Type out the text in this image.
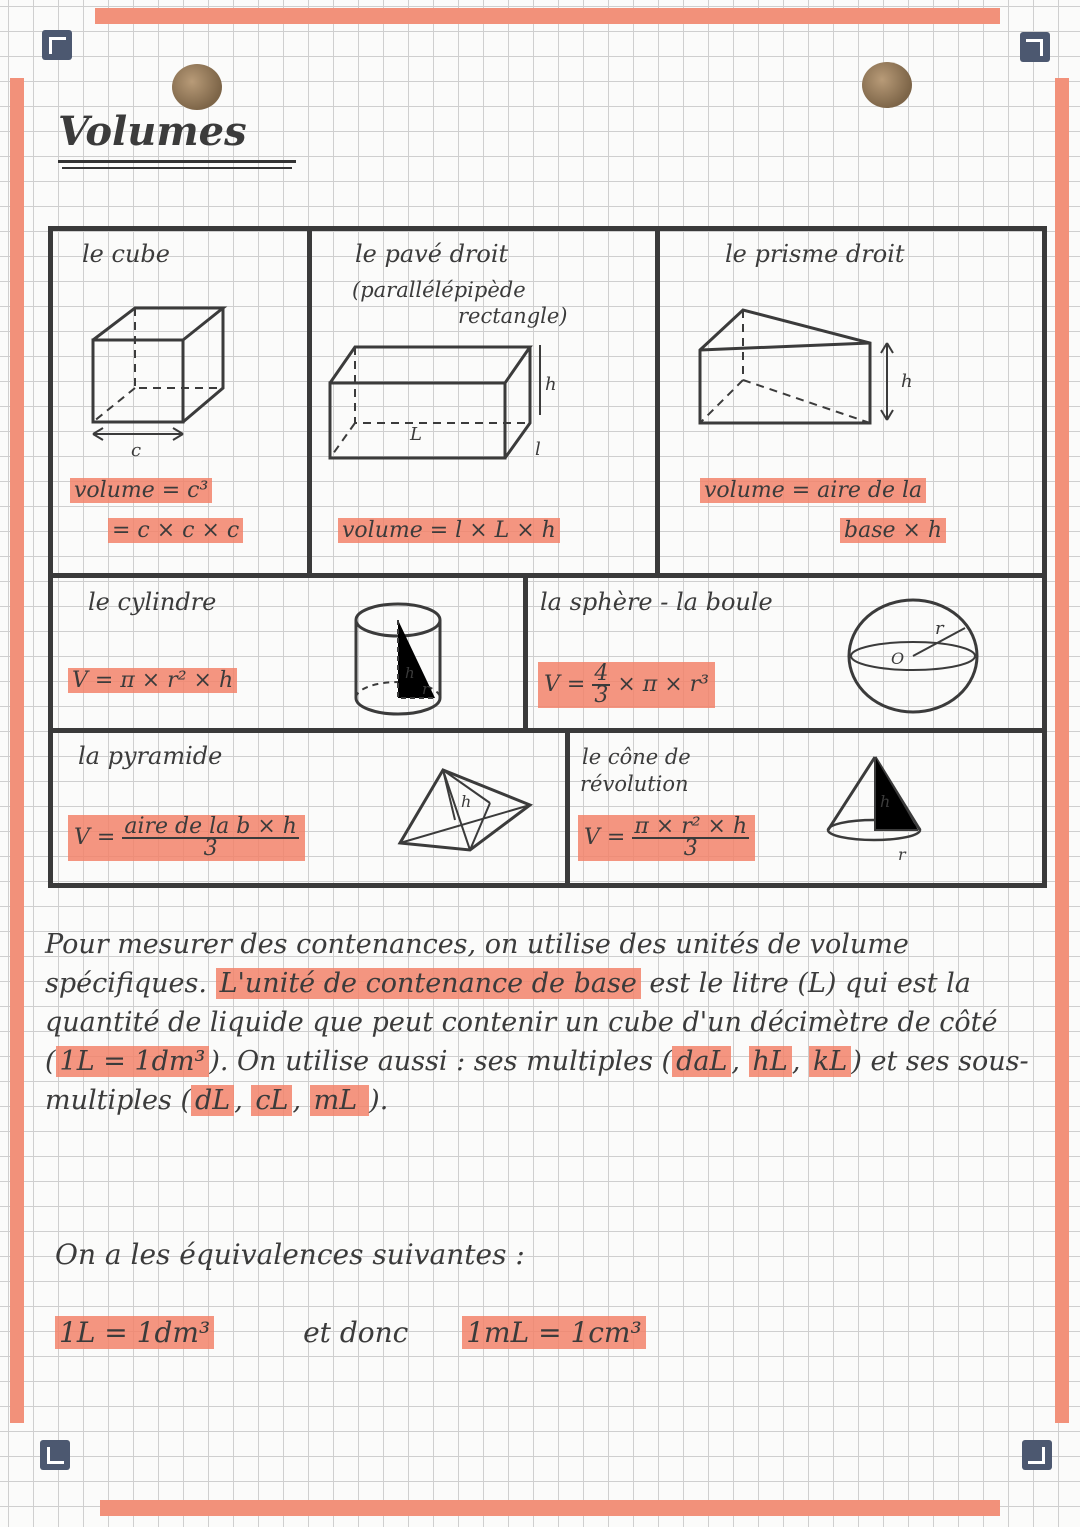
Volumes
le cube
c
volume = c³
= c × c × c
le pavé droit
(parallélépipède
rectangle)
h
L
l
volume = l × L × h
le prisme droit
h
volume = aire de la
base × h
le cylindre
V = π × r² × h	h
r
la sphère - la boule
$V = \frac{4}{3} \times \pi \times r^3$
O
r
la pyramide
$V = \frac{\text{aire de la b × h}}{3}$
h
le cône de
révolution
$V = \frac{\text{π × r² × h}}{3}$
h
r
Pour mesurer des contenances, on utilise des unités de volume spécifiques. L'unité de contenance de base est le litre (L) qui est la quantité de liquide que peut contenir un cube d'un décimètre de côté ( 1L = 1dm³ ). On utilise aussi : ses multiples ( daL , hL , kL ) et ses sous-multiples ( dL , cL , mL ).
On a les équivalences suivantes :
1L = 1dm³	et donc 1mL = 1cm³
